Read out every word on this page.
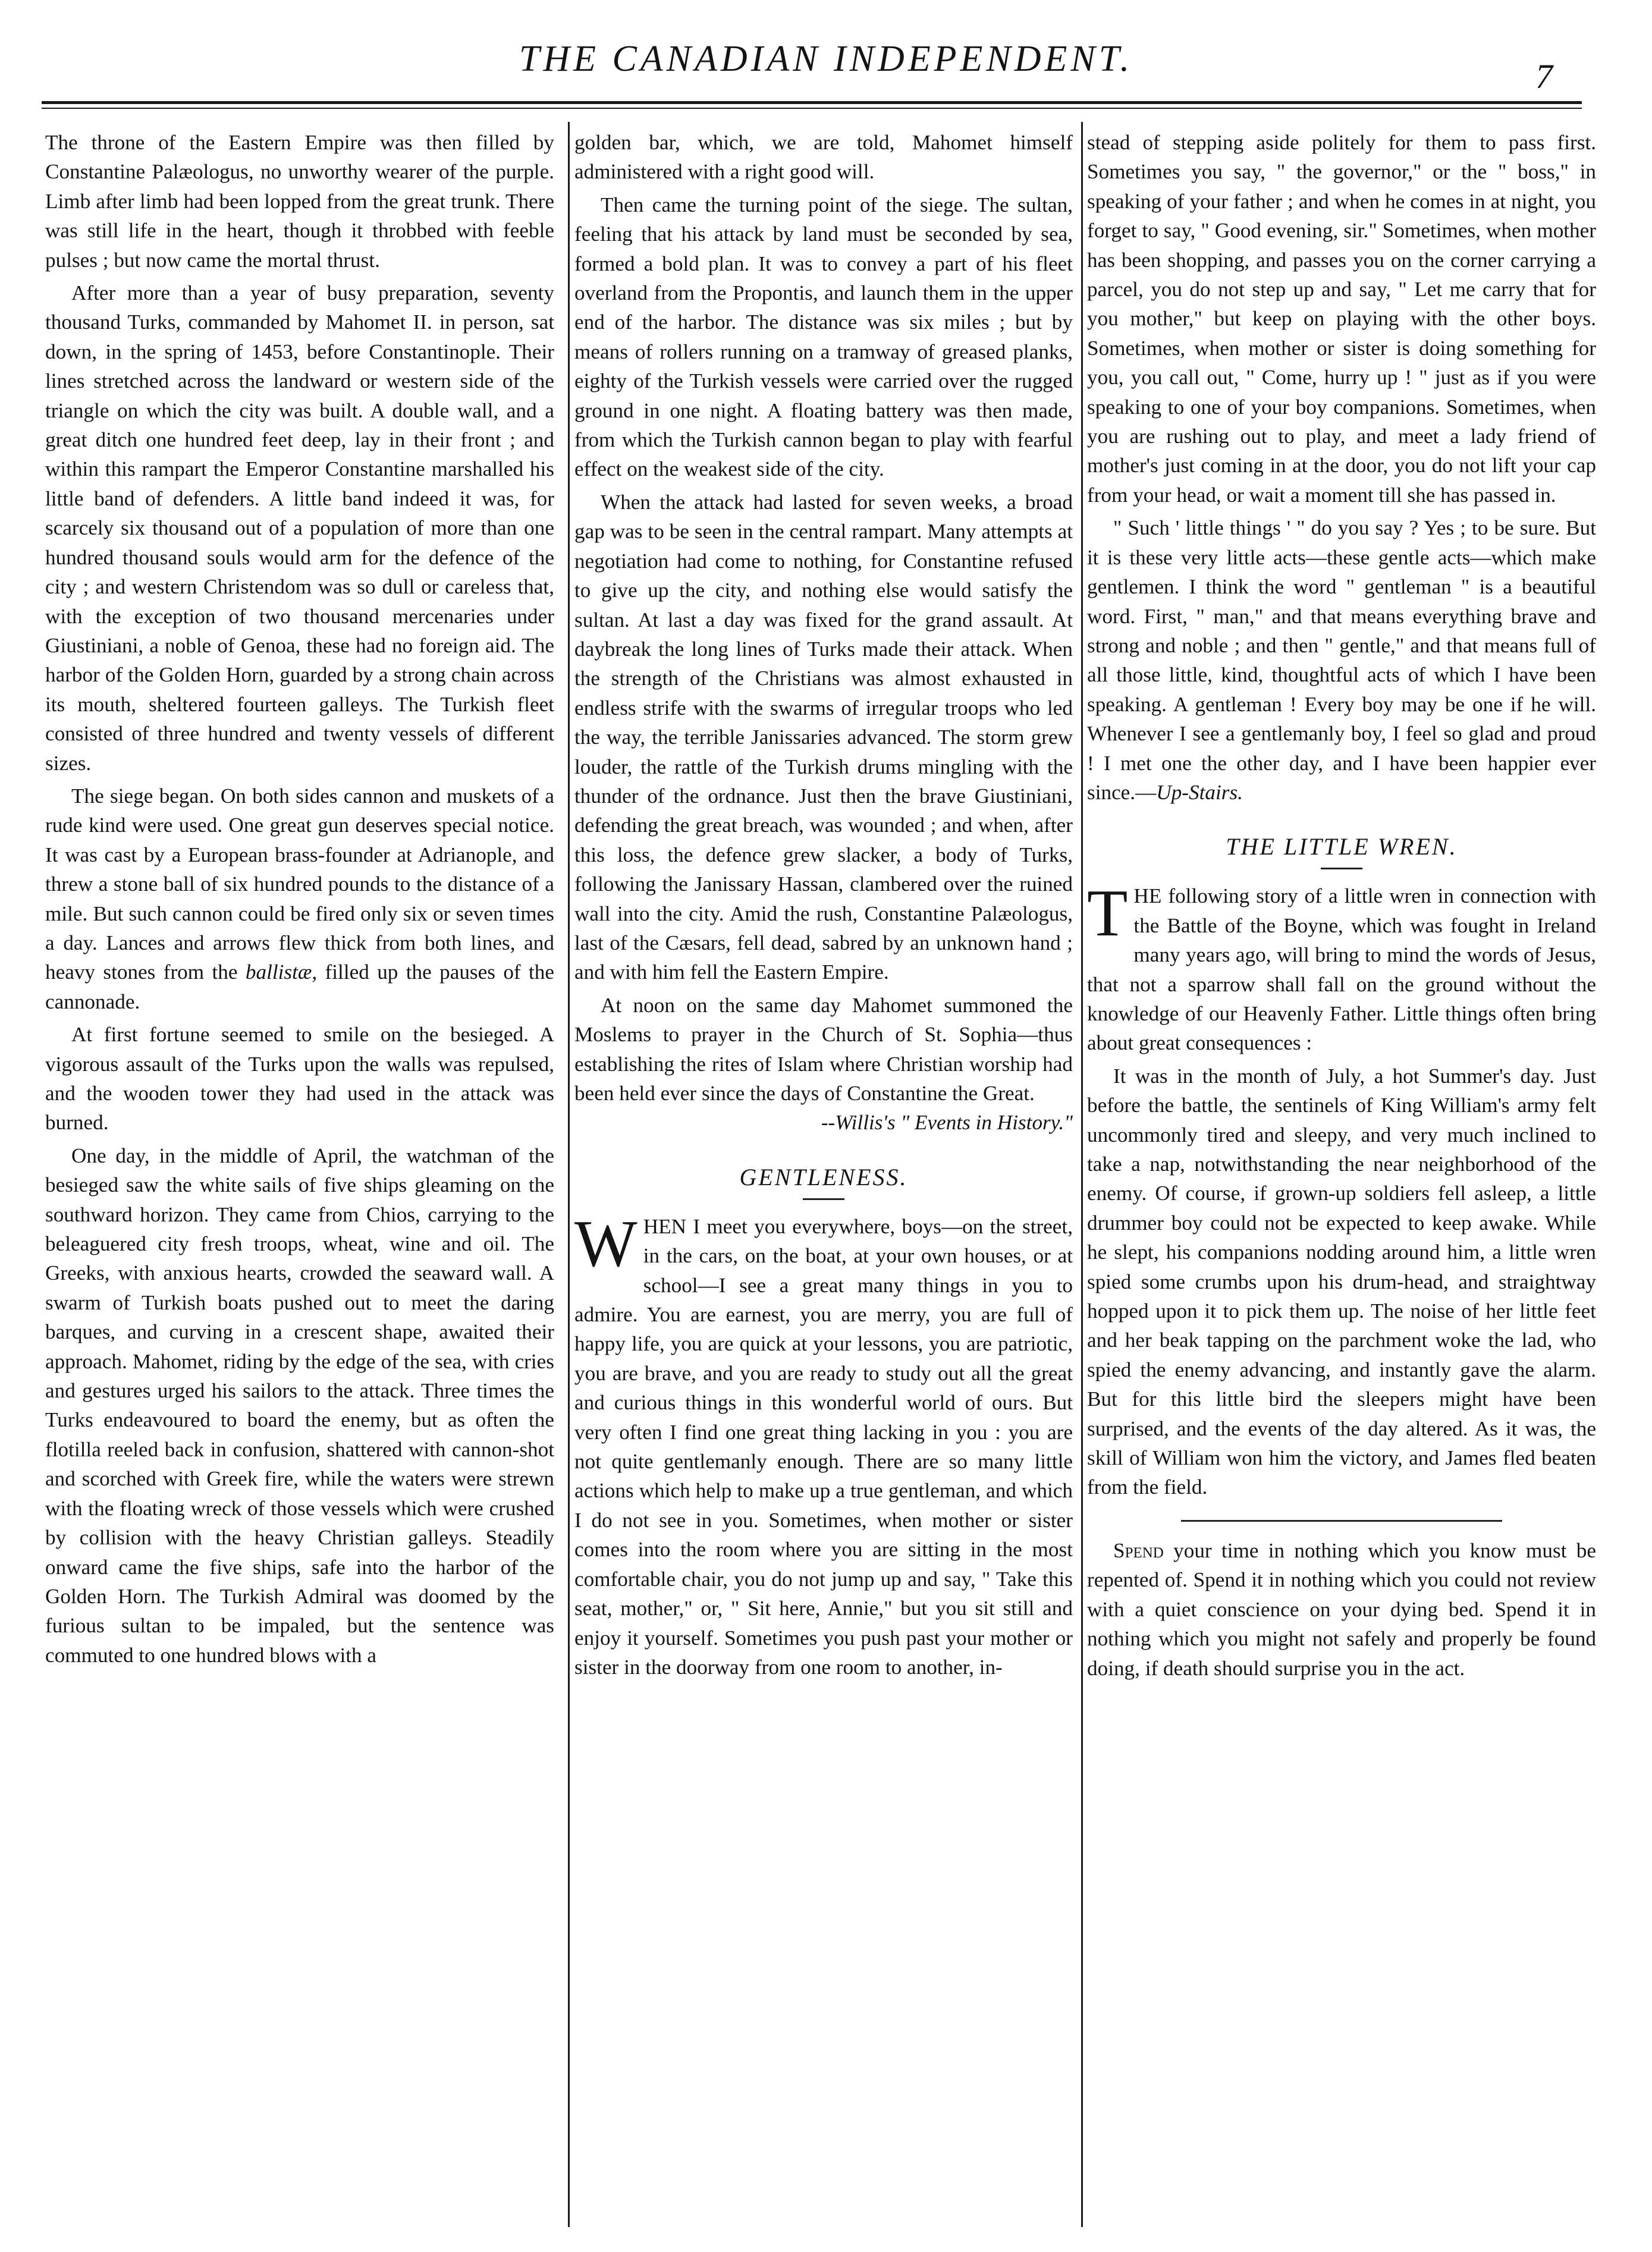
THE CANADIAN INDEPENDENT.	7

The throne of the Eastern Empire was then filled by Constantine Palæologus, no unworthy wearer of the purple. Limb after limb had been lopped from the great trunk. There was still life in the heart, though it throbbed with feeble pulses ; but now came the mortal thrust.

After more than a year of busy preparation, seventy thousand Turks, commanded by Mahomet II. in person, sat down, in the spring of 1453, before Constantinople. Their lines stretched across the landward or western side of the triangle on which the city was built. A double wall, and a great ditch one hundred feet deep, lay in their front ; and within this rampart the Emperor Constantine marshalled his little band of defenders. A little band indeed it was, for scarcely six thousand out of a population of more than one hundred thousand souls would arm for the defence of the city ; and western Christendom was so dull or careless that, with the exception of two thousand mercenaries under Giustiniani, a noble of Genoa, these had no foreign aid. The harbor of the Golden Horn, guarded by a strong chain across its mouth, sheltered fourteen galleys. The Turkish fleet consisted of three hundred and twenty vessels of different sizes.

The siege began. On both sides cannon and muskets of a rude kind were used. One great gun deserves special notice. It was cast by a European brass-founder at Adrianople, and threw a stone ball of six hundred pounds to the distance of a mile. But such cannon could be fired only six or seven times a day. Lances and arrows flew thick from both lines, and heavy stones from the ballistæ, filled up the pauses of the cannonade.

At first fortune seemed to smile on the besieged. A vigorous assault of the Turks upon the walls was repulsed, and the wooden tower they had used in the attack was burned.

One day, in the middle of April, the watchman of the besieged saw the white sails of five ships gleaming on the southward horizon. They came from Chios, carrying to the beleaguered city fresh troops, wheat, wine and oil. The Greeks, with anxious hearts, crowded the seaward wall. A swarm of Turkish boats pushed out to meet the daring barques, and curving in a crescent shape, awaited their approach. Mahomet, riding by the edge of the sea, with cries and gestures urged his sailors to the attack. Three times the Turks endeavoured to board the enemy, but as often the flotilla reeled back in confusion, shattered with cannon-shot and scorched with Greek fire, while the waters were strewn with the floating wreck of those vessels which were crushed by collision with the heavy Christian galleys. Steadily onward came the five ships, safe into the harbor of the Golden Horn. The Turkish Admiral was doomed by the furious sultan to be impaled, but the sentence was commuted to one hundred blows with a

golden bar, which, we are told, Mahomet himself administered with a right good will.

Then came the turning point of the siege. The sultan, feeling that his attack by land must be seconded by sea, formed a bold plan. It was to convey a part of his fleet overland from the Propontis, and launch them in the upper end of the harbor. The distance was six miles ; but by means of rollers running on a tramway of greased planks, eighty of the Turkish vessels were carried over the rugged ground in one night. A floating battery was then made, from which the Turkish cannon began to play with fearful effect on the weakest side of the city.

When the attack had lasted for seven weeks, a broad gap was to be seen in the central rampart. Many attempts at negotiation had come to nothing, for Constantine refused to give up the city, and nothing else would satisfy the sultan. At last a day was fixed for the grand assault. At daybreak the long lines of Turks made their attack. When the strength of the Christians was almost exhausted in endless strife with the swarms of irregular troops who led the way, the terrible Janissaries advanced. The storm grew louder, the rattle of the Turkish drums mingling with the thunder of the ordnance. Just then the brave Giustiniani, defending the great breach, was wounded ; and when, after this loss, the defence grew slacker, a body of Turks, following the Janissary Hassan, clambered over the ruined wall into the city. Amid the rush, Constantine Palæologus, last of the Cæsars, fell dead, sabred by an unknown hand ; and with him fell the Eastern Empire.

At noon on the same day Mahomet summoned the Moslems to prayer in the Church of St. Sophia—thus establishing the rites of Islam where Christian worship had been held ever since the days of Constantine the Great.

--Willis's " Events in History."
GENTLENESS.

WHEN I meet you everywhere, boys—on the street, in the cars, on the boat, at your own houses, or at school—I see a great many things in you to admire. You are earnest, you are merry, you are full of happy life, you are quick at your lessons, you are patriotic, you are brave, and you are ready to study out all the great and curious things in this wonderful world of ours. But very often I find one great thing lacking in you : you are not quite gentlemanly enough. There are so many little actions which help to make up a true gentleman, and which I do not see in you. Sometimes, when mother or sister comes into the room where you are sitting in the most comfortable chair, you do not jump up and say, " Take this seat, mother," or, " Sit here, Annie," but you sit still and enjoy it yourself. Sometimes you push past your mother or sister in the doorway from one room to another, in-

stead of stepping aside politely for them to pass first. Sometimes you say, " the governor," or the " boss," in speaking of your father ; and when he comes in at night, you forget to say, " Good evening, sir." Sometimes, when mother has been shopping, and passes you on the corner carrying a parcel, you do not step up and say, " Let me carry that for you mother," but keep on playing with the other boys. Sometimes, when mother or sister is doing something for you, you call out, " Come, hurry up ! " just as if you were speaking to one of your boy companions. Sometimes, when you are rushing out to play, and meet a lady friend of mother's just coming in at the door, you do not lift your cap from your head, or wait a moment till she has passed in.

" Such ' little things ' " do you say ? Yes ; to be sure. But it is these very little acts—these gentle acts—which make gentlemen. I think the word " gentleman " is a beautiful word. First, " man," and that means everything brave and strong and noble ; and then " gentle," and that means full of all those little, kind, thoughtful acts of which I have been speaking. A gentleman ! Every boy may be one if he will. Whenever I see a gentlemanly boy, I feel so glad and proud ! I met one the other day, and I have been happier ever since.—Up-Stairs.

THE LITTLE WREN.

THE following story of a little wren in connection with the Battle of the Boyne, which was fought in Ireland many years ago, will bring to mind the words of Jesus, that not a sparrow shall fall on the ground without the knowledge of our Heavenly Father. Little things often bring about great consequences :

It was in the month of July, a hot Summer's day. Just before the battle, the sentinels of King William's army felt uncommonly tired and sleepy, and very much inclined to take a nap, notwithstanding the near neighborhood of the enemy. Of course, if grown-up soldiers fell asleep, a little drummer boy could not be expected to keep awake. While he slept, his companions nodding around him, a little wren spied some crumbs upon his drum-head, and straightway hopped upon it to pick them up. The noise of her little feet and her beak tapping on the parchment woke the lad, who spied the enemy advancing, and instantly gave the alarm. But for this little bird the sleepers might have been surprised, and the events of the day altered. As it was, the skill of William won him the victory, and James fled beaten from the field.

Spend your time in nothing which you know must be repented of. Spend it in nothing which you could not review with a quiet conscience on your dying bed. Spend it in nothing which you might not safely and properly be found doing, if death should surprise you in the act.
